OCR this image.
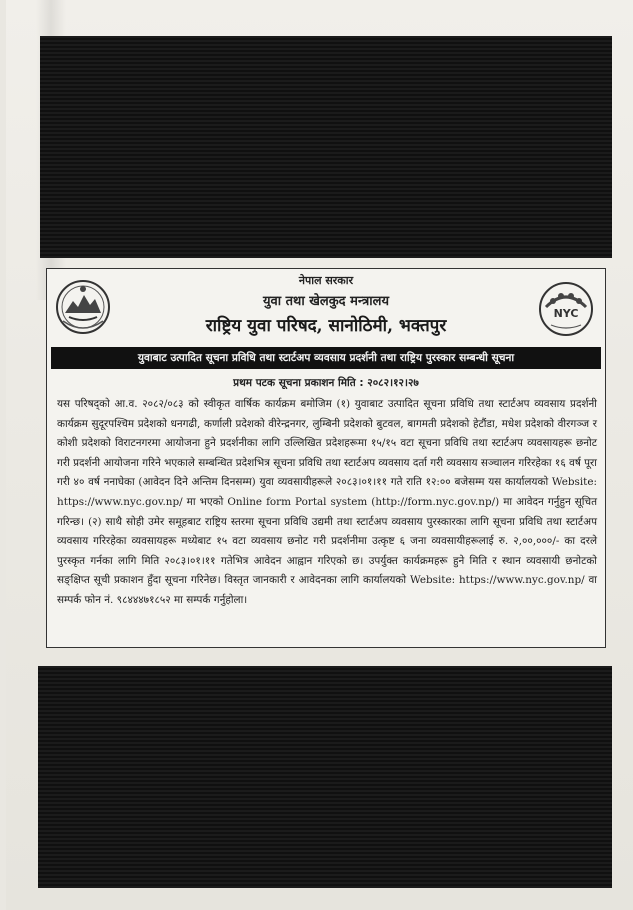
नेपाल सरकार
युवा तथा खेलकुद मन्त्रालय
राष्ट्रिय युवा परिषद, सानोठिमी, भक्तपुर
NYC
युवाबाट उत्पादित सूचना प्रविधि तथा स्टार्टअप व्यवसाय प्रदर्शनी तथा राष्ट्रिय पुरस्कार सम्बन्धी सूचना
प्रथम पटक सूचना प्रकाशन मिति : २०८२।१२।२७
यस परिषद्को आ.व. २०८२/०८३ को स्वीकृत वार्षिक कार्यक्रम बमोजिम (१) युवाबाट उत्पादित सूचना प्रविधि तथा स्टार्टअप व्यवसाय प्रदर्शनी कार्यक्रम सुदूरपश्चिम प्रदेशको धनगढी, कर्णाली प्रदेशको वीरेन्द्रनगर, लुम्बिनी प्रदेशको बुटवल, बागमती प्रदेशको हेटौंडा, मधेश प्रदेशको वीरगञ्ज र कोशी प्रदेशको विराटनगरमा आयोजना हुने प्रदर्शनीका लागि उल्लिखित प्रदेशहरूमा १५/१५ वटा सूचना प्रविधि तथा स्टार्टअप व्यवसायहरू छनोट गरी प्रदर्शनी आयोजना गरिने भएकाले सम्बन्धित प्रदेशभित्र सूचना प्रविधि तथा स्टार्टअप व्यवसाय दर्ता गरी व्यवसाय सञ्चालन गरिरहेका १६ वर्ष पूरा गरी ४० वर्ष ननाघेका (आवेदन दिने अन्तिम दिनसम्म) युवा व्यवसायीहरूले २०८३।०१।११ गते राति १२:०० बजेसम्म यस कार्यालयको Website: https://www.nyc.gov.np/ मा भएको Online form Portal system (http://form.nyc.gov.np/) मा आवेदन गर्नुहुन सूचित गरिन्छ। (२) साथै सोही उमेर समूहबाट राष्ट्रिय स्तरमा सूचना प्रविधि उद्यमी तथा स्टार्टअप व्यवसाय पुरस्कारका लागि सूचना प्रविधि तथा स्टार्टअप व्यवसाय गरिरहेका व्यवसायहरू मध्येबाट १५ वटा व्यवसाय छनोट गरी प्रदर्शनीमा उत्कृष्ट ६ जना व्यवसायीहरूलाई रु. २,००,०००/- का दरले पुरस्कृत गर्नका लागि मिति २०८३।०१।११ गतेभित्र आवेदन आह्वान गरिएको छ। उपर्युक्त कार्यक्रमहरू हुने मिति र स्थान व्यवसायी छनोटको सङ्क्षिप्त सूची प्रकाशन हुँदा सूचना गरिनेछ। विस्तृत जानकारी र आवेदनका लागि कार्यालयको Website: https://www.nyc.gov.np/ वा सम्पर्क फोन नं. ९८४४४७१८५२ मा सम्पर्क गर्नुहोला।
